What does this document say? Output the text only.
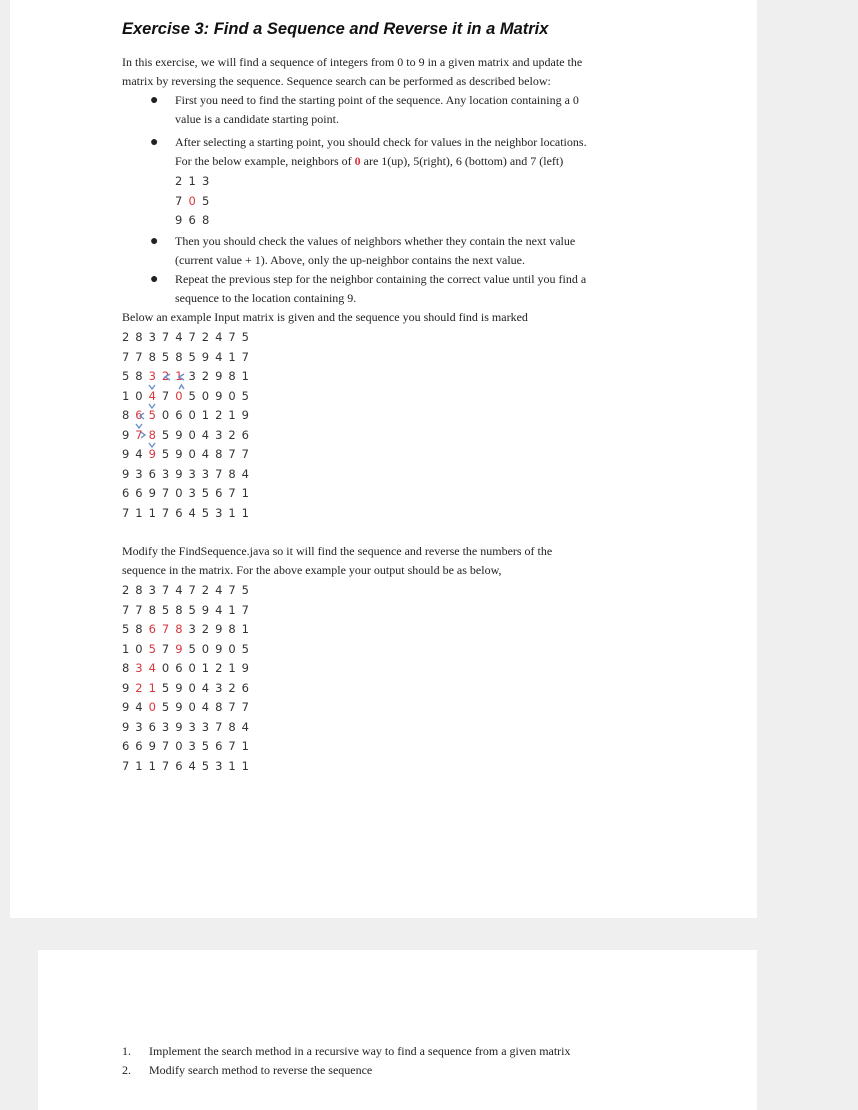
Exercise 3: Find a Sequence and Reverse it in a Matrix
In this exercise, we will find a sequence of integers from 0 to 9 in a given matrix and update the
matrix by reversing the sequence. Sequence search can be performed as described below:
● First you need to find the starting point of the sequence. Any location containing a 0
value is a candidate starting point.
● After selecting a starting point, you should check for values in the neighbor locations.
For the below example, neighbors of 0 are 1(up), 5(right), 6 (bottom) and 7 (left)
2 1 3
7 0 5
9 6 8
● Then you should check the values of neighbors whether they contain the next value
(current value + 1). Above, only the up-neighbor contains the next value.
● Repeat the previous step for the neighbor containing the correct value until you find a
sequence to the location containing 9.
Below an example Input matrix is given and the sequence you should find is marked
2 8 3 7 4 7 2 4 7 5
7 7 8 5 8 5 9 4 1 7
5 8 3 2 1 3 2 9 8 1
1 0 4 7 0 5 0 9 0 5
8 6 5 0 6 0 1 2 1 9
9 7 8 5 9 0 4 3 2 6
9 4 9 5 9 0 4 8 7 7
9 3 6 3 9 3 3 7 8 4
6 6 9 7 0 3 5 6 7 1
7 1 1 7 6 4 5 3 1 1
Modify the FindSequence.java so it will find the sequence and reverse the numbers of the
sequence in the matrix. For the above example your output should be as below,
2 8 3 7 4 7 2 4 7 5
7 7 8 5 8 5 9 4 1 7
5 8 6 7 8 3 2 9 8 1
1 0 5 7 9 5 0 9 0 5
8 3 4 0 6 0 1 2 1 9
9 2 1 5 9 0 4 3 2 6
9 4 0 5 9 0 4 8 7 7
9 3 6 3 9 3 3 7 8 4
6 6 9 7 0 3 5 6 7 1
7 1 1 7 6 4 5 3 1 1
1. Implement the search method in a recursive way to find a sequence from a given matrix
2. Modify search method to reverse the sequence
